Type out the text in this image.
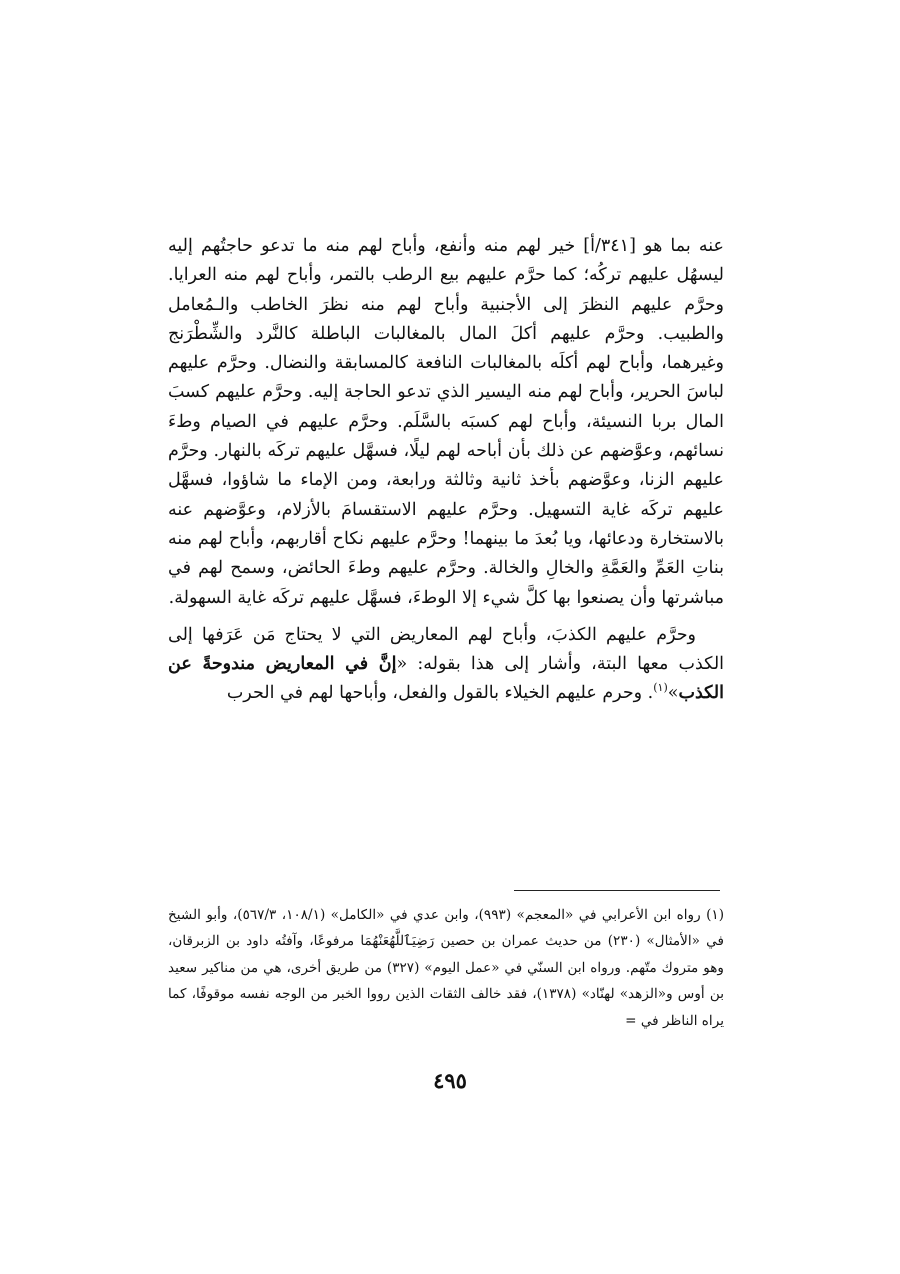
عنه بما هو [٣٤١/أ] خير لهم منه وأنفع، وأباح لهم منه ما تدعو حاجتُهم إليه ليسهُل عليهم تركُه؛ كما حرَّم عليهم بيع الرطب بالتمر، وأباح لهم منه العرايا. وحرَّم عليهم النظرَ إلى الأجنبية وأباح لهم منه نظرَ الخاطب والـمُعامل والطبيب. وحرَّم عليهم أكلَ المال بالمغالبات الباطلة كالنَّرد والشِّطْرَنج وغيرهما، وأباح لهم أكلَه بالمغالبات النافعة كالمسابقة والنضال. وحرَّم عليهم لباسَ الحرير، وأباح لهم منه اليسير الذي تدعو الحاجة إليه. وحرَّم عليهم كسبَ المال بربا النسيئة، وأباح لهم كسبَه بالسَّلَم. وحرَّم عليهم في الصيام وطءَ نسائهم، وعوَّضهم عن ذلك بأن أباحه لهم ليلًا، فسهَّل عليهم تركَه بالنهار. وحرَّم عليهم الزنا، وعوَّضهم بأخذ ثانية وثالثة ورابعة، ومن الإماء ما شاؤوا، فسهَّل عليهم تركَه غاية التسهيل. وحرَّم عليهم الاستقسامَ بالأزلام، وعوَّضهم عنه بالاستخارة ودعائها، ويا بُعدَ ما بينهما! وحرَّم عليهم نكاح أقاربهم، وأباح لهم منه بناتِ العَمِّ والعَمَّةِ والخالِ والخالة. وحرَّم عليهم وطءَ الحائض، وسمح لهم في مباشرتها وأن يصنعوا بها كلَّ شيء إلا الوطءَ، فسهَّل عليهم تركَه غاية السهولة.

وحرَّم عليهم الكذبَ، وأباح لهم المعاريض التي لا يحتاج مَن عَرَفها إلى الكذب معها البتة، وأشار إلى هذا بقوله: «إنَّ في المعاريض مندوحةً عن الكذب»$^{(١)}$. وحرم عليهم الخيلاء بالقول والفعل، وأباحها لهم في الحرب

(١) رواه ابن الأعرابي في «المعجم» (٩٩٣)، وابن عدي في «الكامل» (١٠٨/١، ٥٦٧/٣)، وأبو الشيخ في «الأمثال» (٢٣٠) من حديث عمران بن حصين رَضِيَٱللَّهُعَنْهُمَا مرفوعًا، وآفتُه داود بن الزبرقان، وهو متروك متّهم. ورواه ابن السنّي في «عمل اليوم» (٣٢٧) من طريق أخرى، هي من مناكير سعيد بن أوس و«الزهد» لهنّاد» (١٣٧٨)، فقد خالف الثقات الذين رووا الخبر من الوجه نفسه موقوفًا، كما يراه الناظر في =

٤٩٥
